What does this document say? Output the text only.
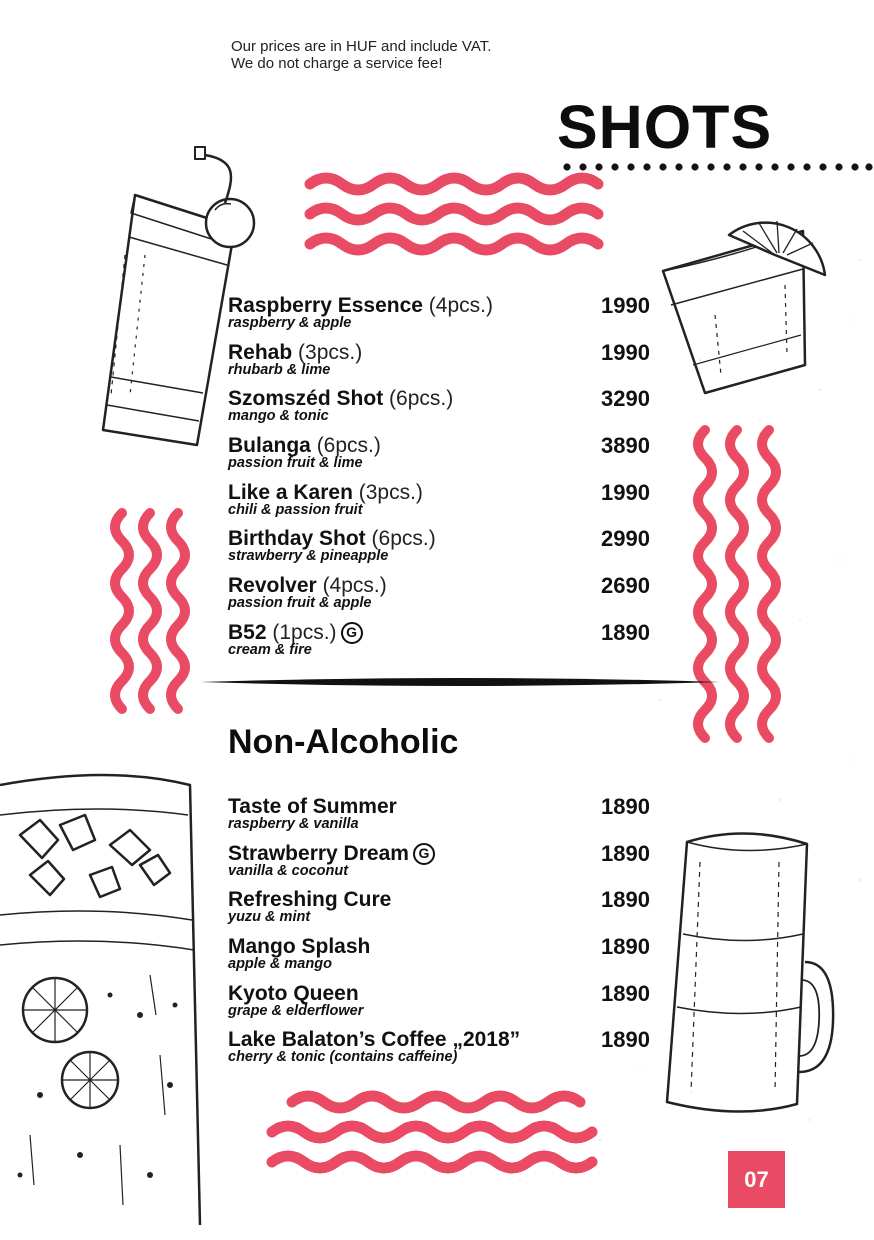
Our prices are in HUF and include VAT.
We do not charge a service fee!
SHOTS
Raspberry Essence (4pcs.)
raspberry & apple
1990
Rehab (3pcs.)
rhubarb & lime
1990
Szomszéd Shot (6pcs.)
mango & tonic
3290
Bulanga (6pcs.)
passion fruit & lime
3890
Like a Karen (3pcs.)
chili & passion fruit
1990
Birthday Shot (6pcs.)
strawberry & pineapple
2990
Revolver (4pcs.)
passion fruit & apple
2690
B52 (1pcs.) G
cream & fire
1890
Non-Alcoholic
Taste of Summer
raspberry & vanilla
1890
Strawberry Dream G
vanilla & coconut
1890
Refreshing Cure
yuzu & mint
1890
Mango Splash
apple & mango
1890
Kyoto Queen
grape & elderflower
1890
Lake Balaton’s Coffee „2018”
cherry & tonic (contains caffeine)
1890
07
